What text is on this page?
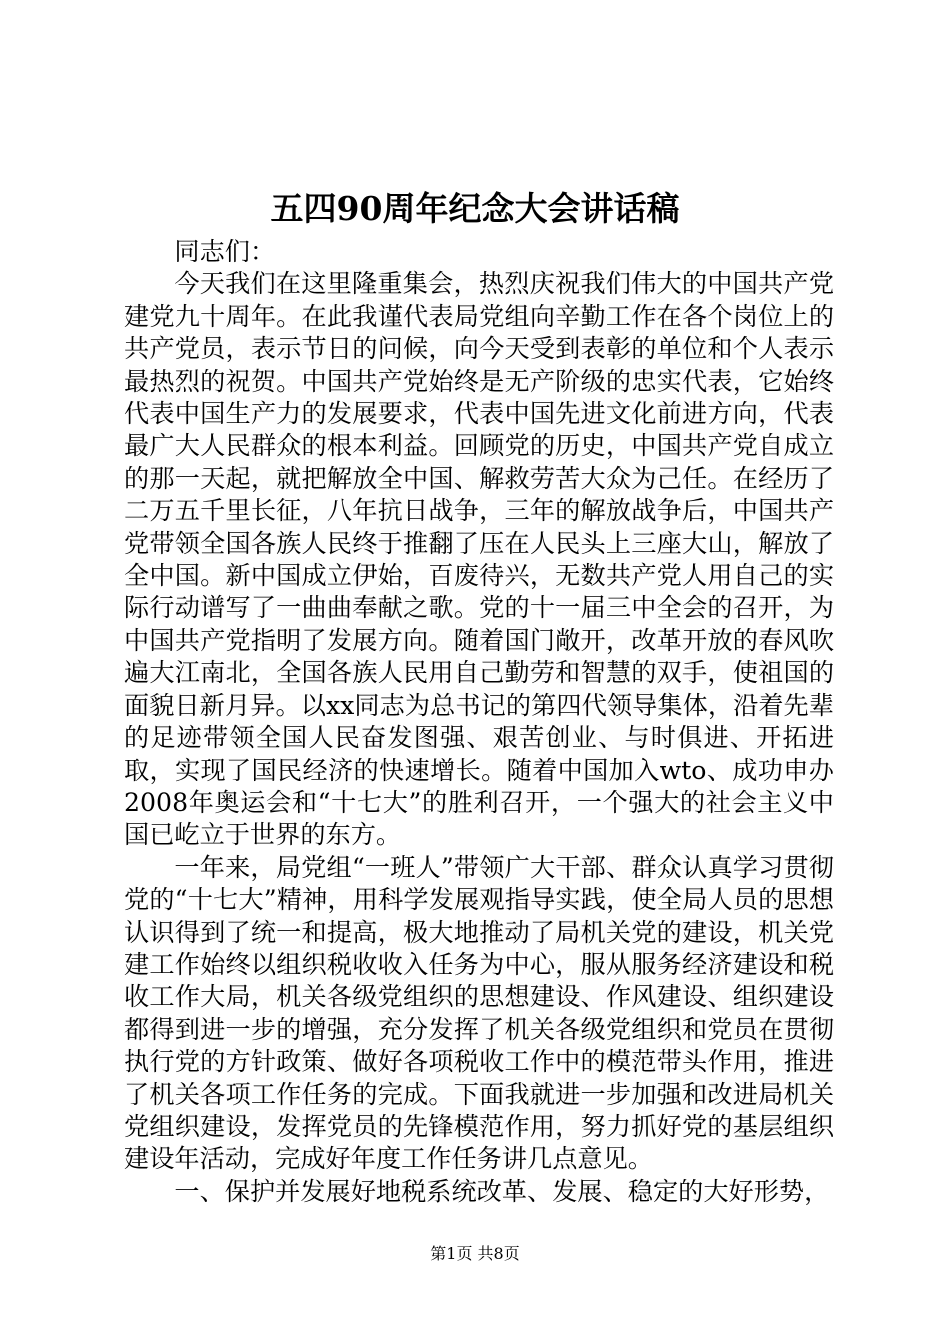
五四90周年纪念大会讲话稿

同志们：

今天我们在这里隆重集会，热烈庆祝我们伟大的中国共产党建党九十周年。在此我谨代表局党组向辛勤工作在各个岗位上的共产党员，表示节日的问候，向今天受到表彰的单位和个人表示最热烈的祝贺。中国共产党始终是无产阶级的忠实代表，它始终代表中国生产力的发展要求，代表中国先进文化前进方向，代表最广大人民群众的根本利益。回顾党的历史，中国共产党自成立的那一天起，就把解放全中国、解救劳苦大众为己任。在经历了二万五千里长征，八年抗日战争，三年的解放战争后，中国共产党带领全国各族人民终于推翻了压在人民头上三座大山，解放了全中国。新中国成立伊始，百废待兴，无数共产党人用自己的实际行动谱写了一曲曲奉献之歌。党的十一届三中全会的召开，为中国共产党指明了发展方向。随着国门敞开，改革开放的春风吹遍大江南北，全国各族人民用自己勤劳和智慧的双手，使祖国的面貌日新月异。以xx同志为总书记的第四代领导集体，沿着先辈的足迹带领全国人民奋发图强、艰苦创业、与时俱进、开拓进取，实现了国民经济的快速增长。随着中国加入wto、成功申办2008年奥运会和“十七大”的胜利召开，一个强大的社会主义中国已屹立于世界的东方。

一年来，局党组“一班人”带领广大干部、群众认真学习贯彻党的“十七大”精神，用科学发展观指导实践，使全局人员的思想认识得到了统一和提高，极大地推动了局机关党的建设，机关党建工作始终以组织税收收入任务为中心，服从服务经济建设和税收工作大局，机关各级党组织的思想建设、作风建设、组织建设都得到进一步的增强，充分发挥了机关各级党组织和党员在贯彻执行党的方针政策、做好各项税收工作中的模范带头作用，推进了机关各项工作任务的完成。下面我就进一步加强和改进局机关党组织建设，发挥党员的先锋模范作用，努力抓好党的基层组织建设年活动，完成好年度工作任务讲几点意见。

一、保护并发展好地税系统改革、发展、稳定的大好形势，

第1页 共8页
